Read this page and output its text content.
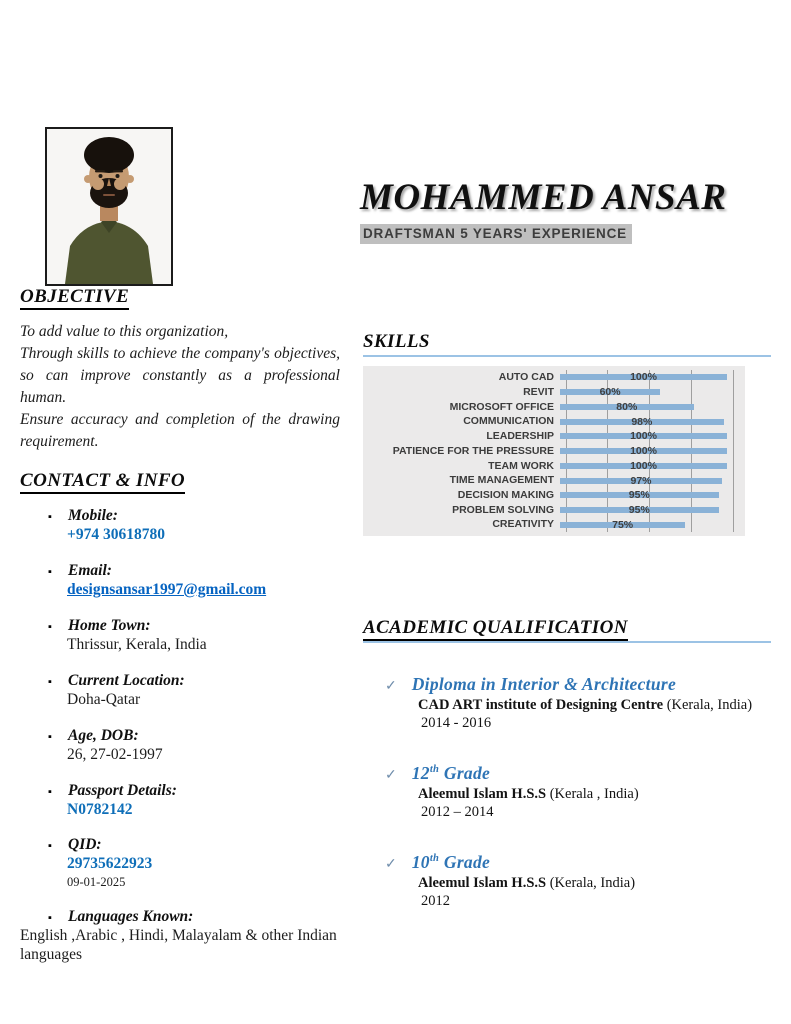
MOHAMMED ANSAR
DRAFTSMAN 5 YEARS' EXPERIENCE
OBJECTIVE

To add value to this organization,

Through skills to achieve the company's objectives, so can improve constantly as a professional human.

Ensure accuracy and completion of the drawing requirement.

CONTACT & INFO
▪	Mobile:
+974 30618780
▪	Email:
designsansar1997@gmail.com
▪	Home Town:
Thrissur, Kerala, India
▪	Current Location:
Doha-Qatar
▪	Age, DOB:
26, 27-02-1997
▪	Passport Details:
N0782142
▪	QID:
29735622923
09-01-2025
▪	Languages Known:
English ,Arabic , Hindi, Malayalam & other Indian languages
SKILLS
AUTO CAD	100%
REVIT	60%
MICROSOFT OFFICE	80%
COMMUNICATION	98%
LEADERSHIP	100%
PATIENCE FOR THE PRESSURE	100%
TEAM WORK	100%
TIME MANAGEMENT	97%
DECISION MAKING	95%
PROBLEM SOLVING	95%
CREATIVITY	75%
ACADEMIC QUALIFICATION
✓ Diploma in Interior & Architecture
CAD ART institute of Designing Centre (Kerala, India)
2014 - 2016
✓ 12th Grade
Aleemul Islam H.S.S (Kerala , India)
2012 – 2014
✓ 10th Grade
Aleemul Islam H.S.S (Kerala, India)
2012
